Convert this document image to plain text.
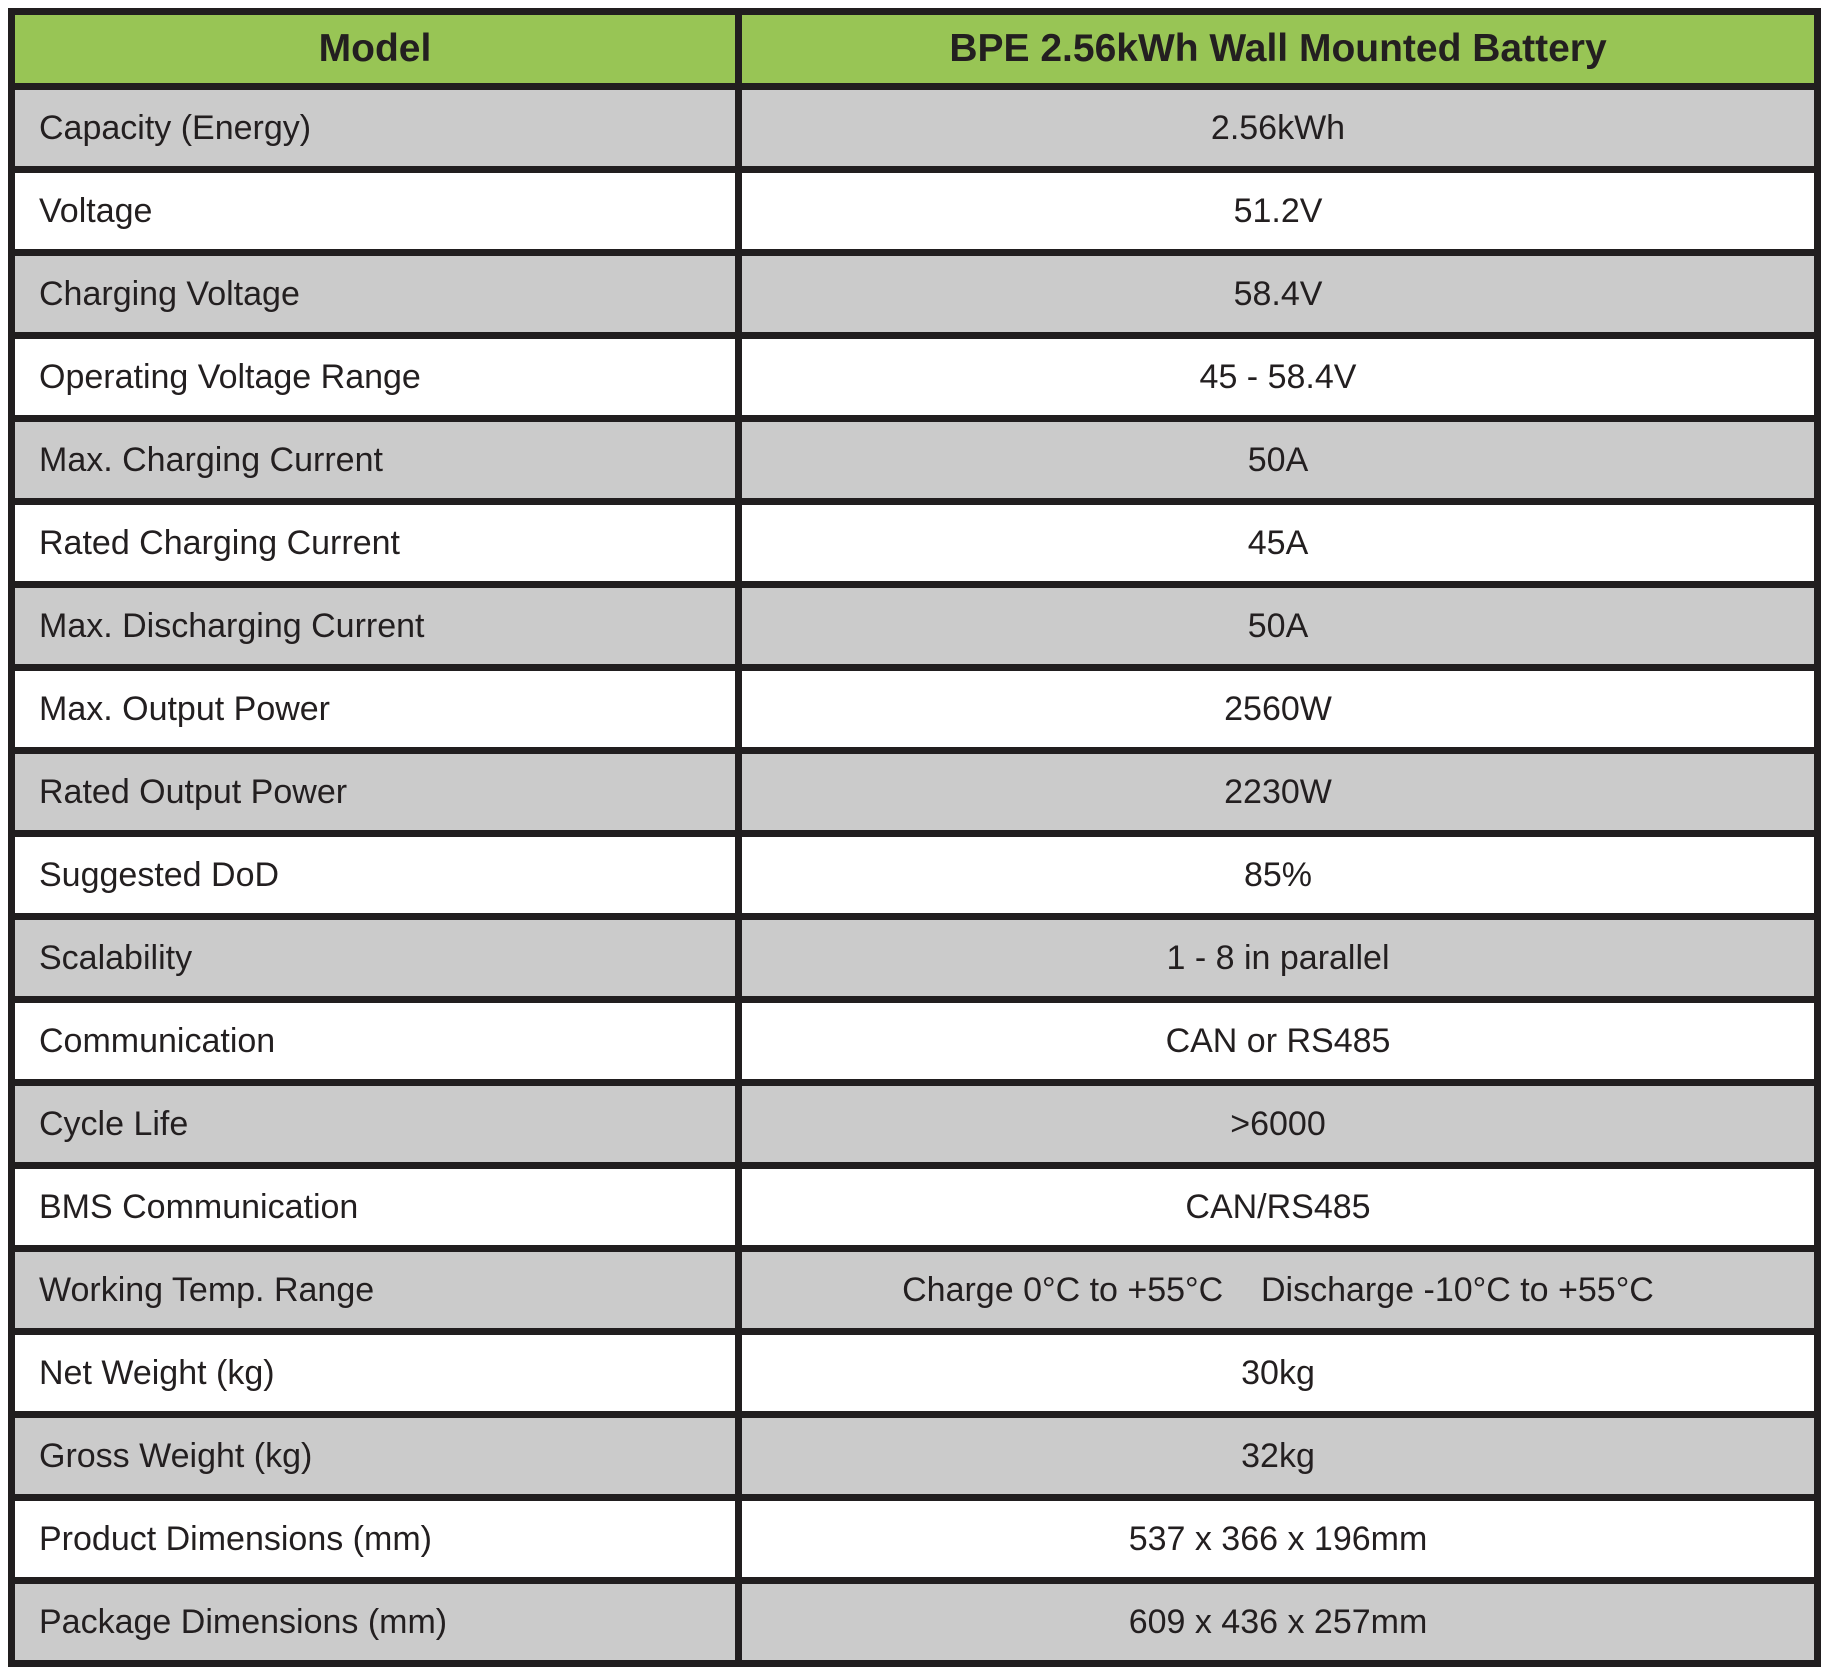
Model	BPE 2.56kWh Wall Mounted Battery
Capacity (Energy)	2.56kWh
Voltage	51.2V
Charging Voltage	58.4V
Operating Voltage Range	45 - 58.4V
Max. Charging Current	50A
Rated Charging Current	45A
Max. Discharging Current	50A
Max. Output Power	2560W
Rated Output Power	2230W
Suggested DoD	85%
Scalability	1 - 8 in parallel
Communication	CAN or RS485
Cycle Life	>6000
BMS Communication	CAN/RS485
Working Temp. Range	Charge 0°C to +55°C    Discharge -10°C to +55°C
Net Weight (kg)	30kg
Gross Weight (kg)	32kg
Product Dimensions (mm)	537 x 366 x 196mm
Package Dimensions (mm)	609 x 436 x 257mm
